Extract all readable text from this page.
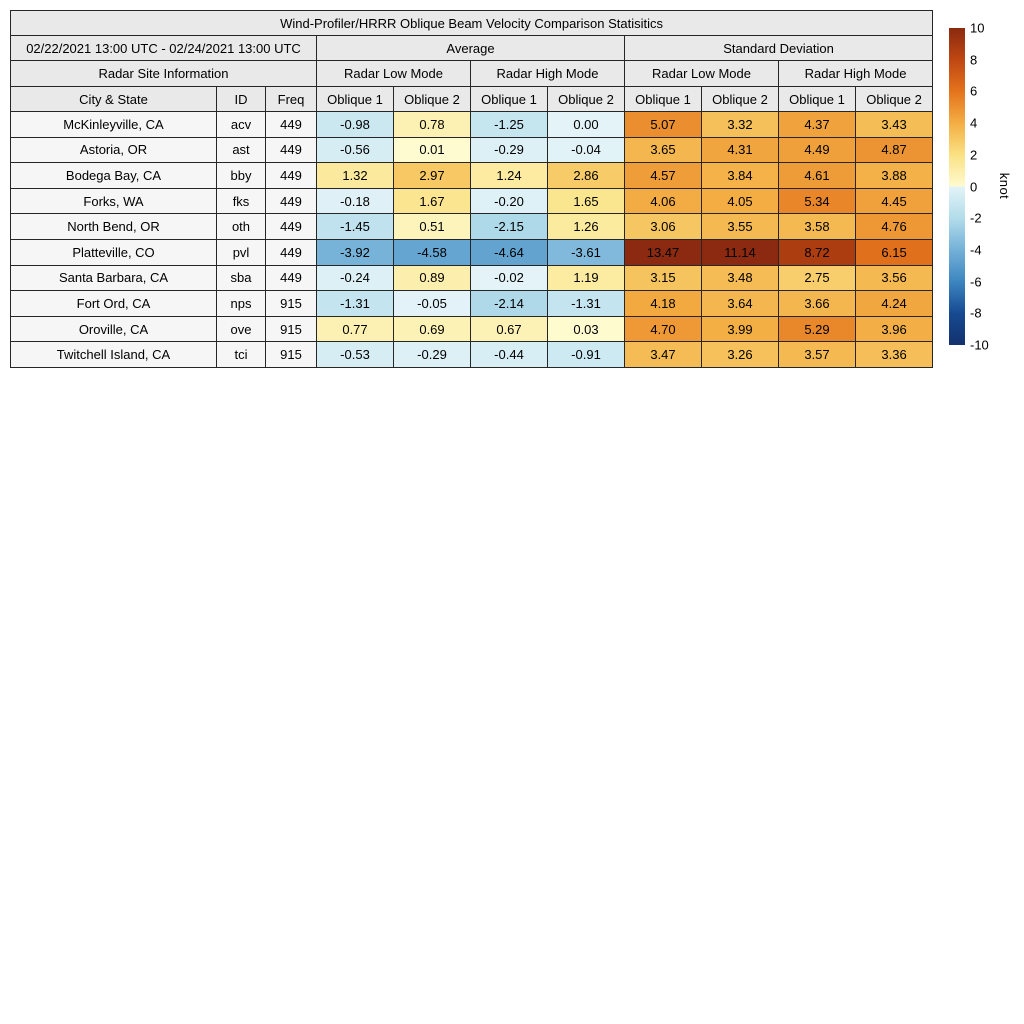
Wind-Profiler/HRRR Oblique Beam Velocity Comparison Statisitics										
02/22/2021 13:00 UTC - 02/24/2021 13:00 UTC			Average				Standard Deviation			
Radar Site Information			Radar Low Mode		Radar High Mode		Radar Low Mode		Radar High Mode	
City & State	ID	Freq	Oblique 1	Oblique 2	Oblique 1	Oblique 2	Oblique 1	Oblique 2	Oblique 1	Oblique 2
McKinleyville, CA	acv	449	-0.98	0.78	-1.25	0.00	5.07	3.32	4.37	3.43
Astoria, OR	ast	449	-0.56	0.01	-0.29	-0.04	3.65	4.31	4.49	4.87
Bodega Bay, CA	bby	449	1.32	2.97	1.24	2.86	4.57	3.84	4.61	3.88
Forks, WA	fks	449	-0.18	1.67	-0.20	1.65	4.06	4.05	5.34	4.45
North Bend, OR	oth	449	-1.45	0.51	-2.15	1.26	3.06	3.55	3.58	4.76
Platteville, CO	pvl	449	-3.92	-4.58	-4.64	-3.61	13.47	11.14	8.72	6.15
Santa Barbara, CA	sba	449	-0.24	0.89	-0.02	1.19	3.15	3.48	2.75	3.56
Fort Ord, CA	nps	915	-1.31	-0.05	-2.14	-1.31	4.18	3.64	3.66	4.24
Oroville, CA	ove	915	0.77	0.69	0.67	0.03	4.70	3.99	5.29	3.96
Twitchell Island, CA	tci	915	-0.53	-0.29	-0.44	-0.91	3.47	3.26	3.57	3.36
10
8
6
4
2
0
-2
-4
-6
-8
-10
knot
